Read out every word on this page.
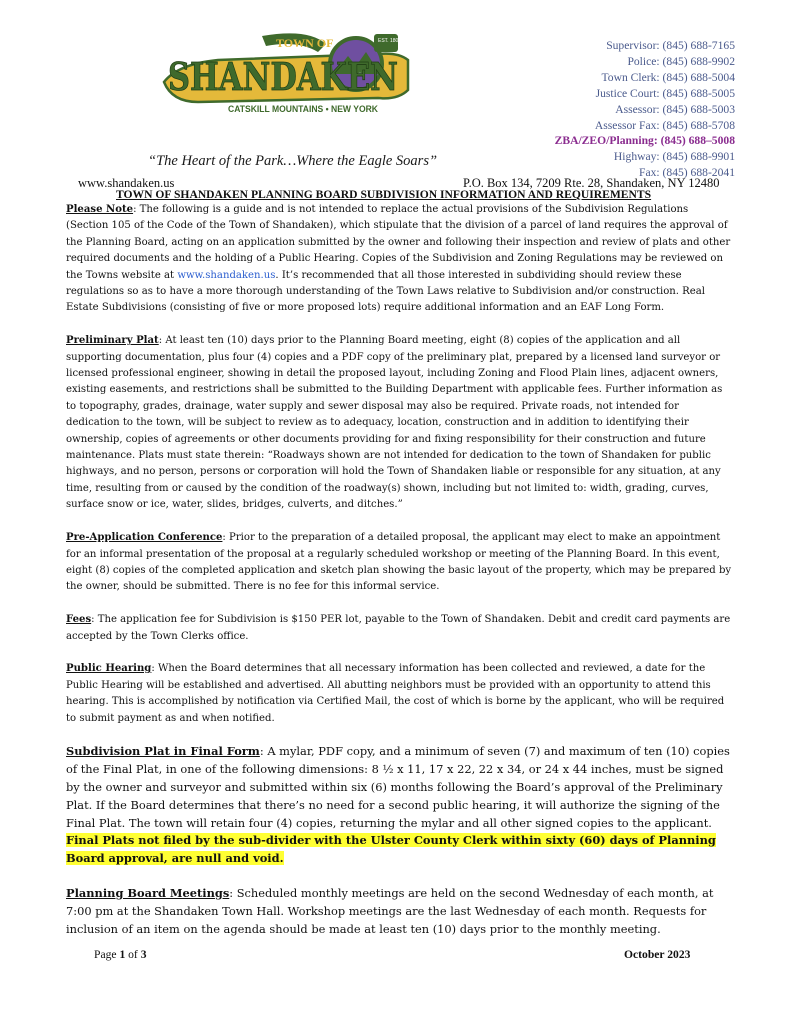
TOWN OF	EST. 1804
SHANDAKEN
CATSKILL MOUNTAINS • NEW YORK
“The Heart of the Park…Where the Eagle Soars”
Supervisor: (845) 688-7165
Police: (845) 688-9902
Town Clerk: (845) 688-5004
Justice Court: (845) 688-5005
Assessor: (845) 688-5003
Assessor Fax: (845) 688-5708
ZBA/ZEO/Planning: (845) 688–5008
Highway: (845) 688-9901
Fax: (845) 688-2041
www.shandaken.us	P.O. Box 134, 7209 Rte. 28, Shandaken, NY 12480
TOWN OF SHANDAKEN PLANNING BOARD SUBDIVISION INFORMATION AND REQUIREMENTS

Please Note: The following is a guide and is not intended to replace the actual provisions of the Subdivision Regulations (Section 105 of the Code of the Town of Shandaken), which stipulate that the division of a parcel of land requires the approval of the Planning Board, acting on an application submitted by the owner and following their inspection and review of plats and other required documents and the holding of a Public Hearing. Copies of the Subdivision and Zoning Regulations may be reviewed on the Towns website at www.shandaken.us. It’s recommended that all those interested in subdividing should review these regulations so as to have a more thorough understanding of the Town Laws relative to Subdivision and/or construction. Real Estate Subdivisions (consisting of five or more proposed lots) require additional information and an EAF Long Form.

Preliminary Plat: At least ten (10) days prior to the Planning Board meeting, eight (8) copies of the application and all supporting documentation, plus four (4) copies and a PDF copy of the preliminary plat, prepared by a licensed land surveyor or licensed professional engineer, showing in detail the proposed layout, including Zoning and Flood Plain lines, adjacent owners, existing easements, and restrictions shall be submitted to the Building Department with applicable fees. Further information as to topography, grades, drainage, water supply and sewer disposal may also be required. Private roads, not intended for dedication to the town, will be subject to review as to adequacy, location, construction and in addition to identifying their ownership, copies of agreements or other documents providing for and fixing responsibility for their construction and future maintenance. Plats must state therein: “Roadways shown are not intended for dedication to the town of Shandaken for public highways, and no person, persons or corporation will hold the Town of Shandaken liable or responsible for any situation, at any time, resulting from or caused by the condition of the roadway(s) shown, including but not limited to: width, grading, curves, surface snow or ice, water, slides, bridges, culverts, and ditches.”

Pre-Application Conference: Prior to the preparation of a detailed proposal, the applicant may elect to make an appointment for an informal presentation of the proposal at a regularly scheduled workshop or meeting of the Planning Board. In this event, eight (8) copies of the completed application and sketch plan showing the basic layout of the property, which may be prepared by the owner, should be submitted. There is no fee for this informal service.

Fees: The application fee for Subdivision is $150 PER lot, payable to the Town of Shandaken. Debit and credit card payments are accepted by the Town Clerks office.

Public Hearing: When the Board determines that all necessary information has been collected and reviewed, a date for the Public Hearing will be established and advertised. All abutting neighbors must be provided with an opportunity to attend this hearing. This is accomplished by notification via Certified Mail, the cost of which is borne by the applicant, who will be required to submit payment as and when notified.

Subdivision Plat in Final Form: A mylar, PDF copy, and a minimum of seven (7) and maximum of ten (10) copies of the Final Plat, in one of the following dimensions: 8 ½ x 11, 17 x 22, 22 x 34, or 24 x 44 inches, must be signed by the owner and surveyor and submitted within six (6) months following the Board’s approval of the Preliminary Plat. If the Board determines that there’s no need for a second public hearing, it will authorize the signing of the Final Plat. The town will retain four (4) copies, returning the mylar and all other signed copies to the applicant. Final Plats not filed by the sub-divider with the Ulster County Clerk within sixty (60) days of Planning Board approval, are null and void.

Planning Board Meetings: Scheduled monthly meetings are held on the second Wednesday of each month, at 7:00 pm at the Shandaken Town Hall. Workshop meetings are the last Wednesday of each month. Requests for inclusion of an item on the agenda should be made at least ten (10) days prior to the monthly meeting.

Page 1 of 3	October 2023
